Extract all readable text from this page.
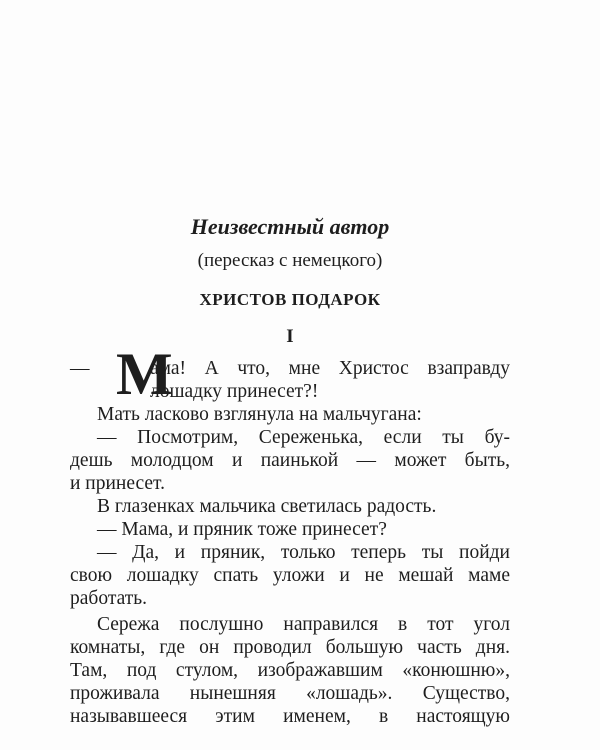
Неизвестный автор
(пересказ с немецкого)
ХРИСТОВ ПОДАРОК
I
— М
ама! А что, мне Христос взаправду
лошадку принесет?!
Мать ласково взглянула на мальчугана:
— Посмотрим, Сереженька, если ты бу-
дешь молодцом и паинькой — может быть,
и принесет.
В глазенках мальчика светилась радость.
— Мама, и пряник тоже принесет?
— Да, и пряник, только теперь ты пойди
свою лошадку спать уложи и не мешай маме
работать.
Сережа послушно направился в тот угол
комнаты, где он проводил большую часть дня.
Там, под стулом, изображавшим «конюшню»,
проживала нынешняя «лошадь». Существо,
называвшееся этим именем, в настоящую
